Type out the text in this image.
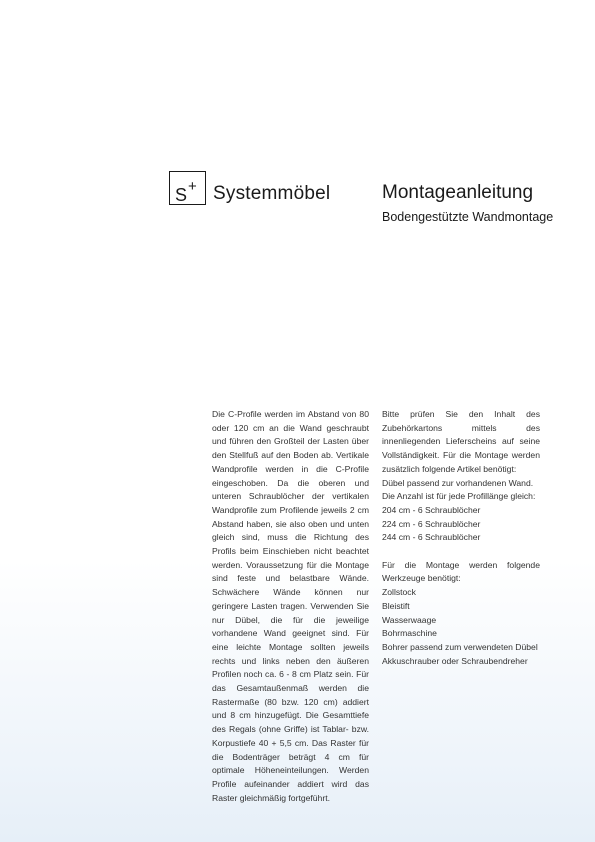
S+ Systemmöbel	Montageanleitung
Bodengestützte Wandmontage

Die C-Profile werden im Abstand von 80 oder 120 cm an die Wand geschraubt und führen den Großteil der Lasten über den Stellfuß auf den Boden ab. Vertikale Wandprofile werden in die C-Profile eingeschoben. Da die oberen und unteren Schraublöcher der vertikalen Wandprofile zum Profilende jeweils 2 cm Abstand haben, sie also oben und unten gleich sind, muss die Richtung des Profils beim Einschieben nicht beachtet werden. Voraussetzung für die Montage sind feste und belastbare Wände. Schwächere Wände können nur geringere Lasten tragen. Verwenden Sie nur Dübel, die für die jeweilige vorhandene Wand geeignet sind. Für eine leichte Montage sollten jeweils rechts und links neben den äußeren Profilen noch ca. 6 - 8 cm Platz sein. Für das Gesamtaußenmaß werden die Rastermaße (80 bzw. 120 cm) addiert und 8 cm hinzugefügt. Die Gesamttiefe des Regals (ohne Griffe) ist Tablar- bzw. Korpustiefe 40 + 5,5 cm. Das Raster für die Bodenträger beträgt 4 cm für optimale Höheneinteilungen. Werden Profile aufeinander addiert wird das Raster gleichmäßig fortgeführt.

Bitte prüfen Sie den Inhalt des Zubehörkartons mittels des innenliegenden Lieferscheins auf seine Vollständigkeit. Für die Montage werden zusätzlich folgende Artikel benötigt:

Dübel passend zur vorhandenen Wand.
Die Anzahl ist für jede Profillänge gleich:
204 cm - 6 Schraublöcher
224 cm - 6 Schraublöcher
244 cm - 6 Schraublöcher

Für die Montage werden folgende Werkzeuge benötigt:

Zollstock
Bleistift
Wasserwaage
Bohrmaschine
Bohrer passend zum verwendeten Dübel
Akkuschrauber oder Schraubendreher
